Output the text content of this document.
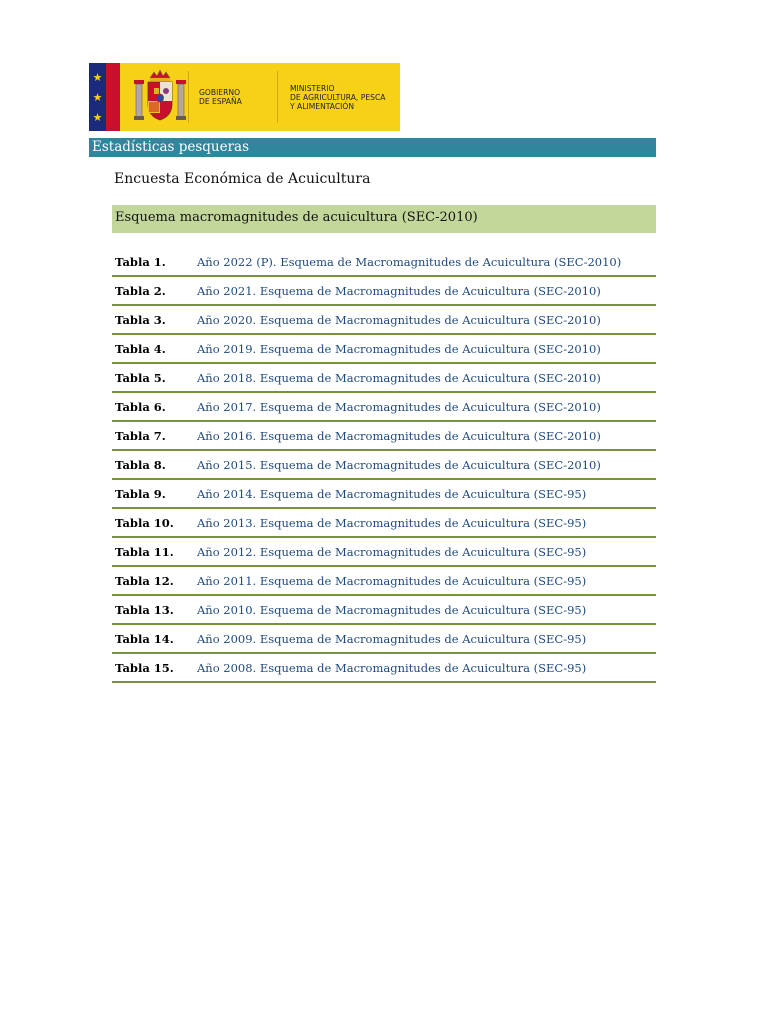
★
★
★
GOBIERNO
DE ESPAÑA
MINISTERIO
DE AGRICULTURA, PESCA
Y ALIMENTACIÓN
Estadísticas pesqueras
Encuesta Económica de Acuicultura
Esquema macromagnitudes de acuicultura (SEC-2010)
Tabla 1.	Año 2022 (P). Esquema de Macromagnitudes de Acuicultura (SEC-2010)
Tabla 2.	Año 2021. Esquema de Macromagnitudes de Acuicultura (SEC-2010)
Tabla 3.	Año 2020. Esquema de Macromagnitudes de Acuicultura (SEC-2010)
Tabla 4.	Año 2019. Esquema de Macromagnitudes de Acuicultura (SEC-2010)
Tabla 5.	Año 2018. Esquema de Macromagnitudes de Acuicultura (SEC-2010)
Tabla 6.	Año 2017. Esquema de Macromagnitudes de Acuicultura (SEC-2010)
Tabla 7.	Año 2016. Esquema de Macromagnitudes de Acuicultura (SEC-2010)
Tabla 8.	Año 2015. Esquema de Macromagnitudes de Acuicultura (SEC-2010)
Tabla 9.	Año 2014. Esquema de Macromagnitudes de Acuicultura (SEC-95)
Tabla 10.	Año 2013. Esquema de Macromagnitudes de Acuicultura (SEC-95)
Tabla 11.	Año 2012. Esquema de Macromagnitudes de Acuicultura (SEC-95)
Tabla 12.	Año 2011. Esquema de Macromagnitudes de Acuicultura (SEC-95)
Tabla 13.	Año 2010. Esquema de Macromagnitudes de Acuicultura (SEC-95)
Tabla 14.	Año 2009. Esquema de Macromagnitudes de Acuicultura (SEC-95)
Tabla 15.	Año 2008. Esquema de Macromagnitudes de Acuicultura (SEC-95)
